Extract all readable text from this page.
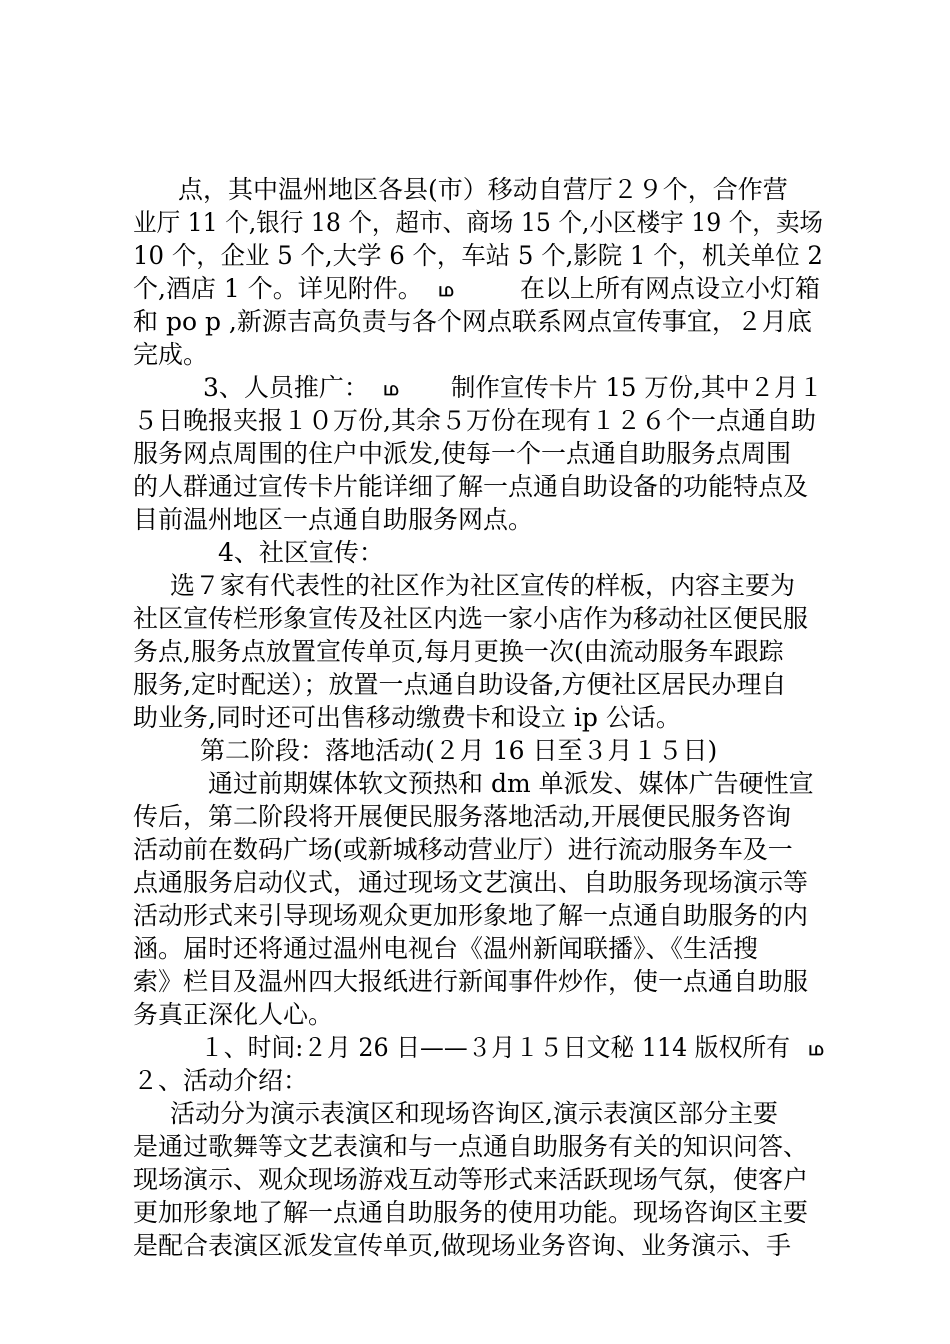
点，其中温州地区各县(市）移动自营厅２９个，合作营
业厅 11 个,银行 18 个，超市、商场 15 个,小区楼宇 19 个，卖场
10 个，企业 5 个,大学 6 个，车站 5 个,影院 1 个，机关单位 2
个,酒店 1 个。详见附件。 ம	在以上所有网点设立小灯箱
和 po p ,新源吉高负责与各个网点联系网点宣传事宜，２月底
完成。
3、人员推广： ம	制作宣传卡片 15 万份,其中２月１
５日晚报夹报１０万份,其余５万份在现有１２６个一点通自助
服务网点周围的住户中派发,使每一个一点通自助服务点周围
的人群通过宣传卡片能详细了解一点通自助设备的功能特点及
目前温州地区一点通自助服务网点。
4、社区宣传：
选７家有代表性的社区作为社区宣传的样板，内容主要为
社区宣传栏形象宣传及社区内选一家小店作为移动社区便民服
务点,服务点放置宣传单页,每月更换一次(由流动服务车跟踪
服务,定时配送）；放置一点通自助设备,方便社区居民办理自
助业务,同时还可出售移动缴费卡和设立 ip 公话。
第二阶段：落地活动(２月 16 日至３月１５日)
通过前期媒体软文预热和 dm 单派发、媒体广告硬性宣
传后，第二阶段将开展便民服务落地活动,开展便民服务咨询
活动前在数码广场(或新城移动营业厅）进行流动服务车及一
点通服务启动仪式，通过现场文艺演出、自助服务现场演示等
活动形式来引导现场观众更加形象地了解一点通自助服务的内
涵。届时还将通过温州电视台《温州新闻联播》、《生活搜
索》栏目及温州四大报纸进行新闻事件炒作，使一点通自助服
务真正深化人心。
１、时间:２月 26 日——３月１５日文秘 114 版权所有 ம
２、活动介绍：
活动分为演示表演区和现场咨询区,演示表演区部分主要
是通过歌舞等文艺表演和与一点通自助服务有关的知识问答、
现场演示、观众现场游戏互动等形式来活跃现场气氛，使客户
更加形象地了解一点通自助服务的使用功能。现场咨询区主要
是配合表演区派发宣传单页,做现场业务咨询、业务演示、手
